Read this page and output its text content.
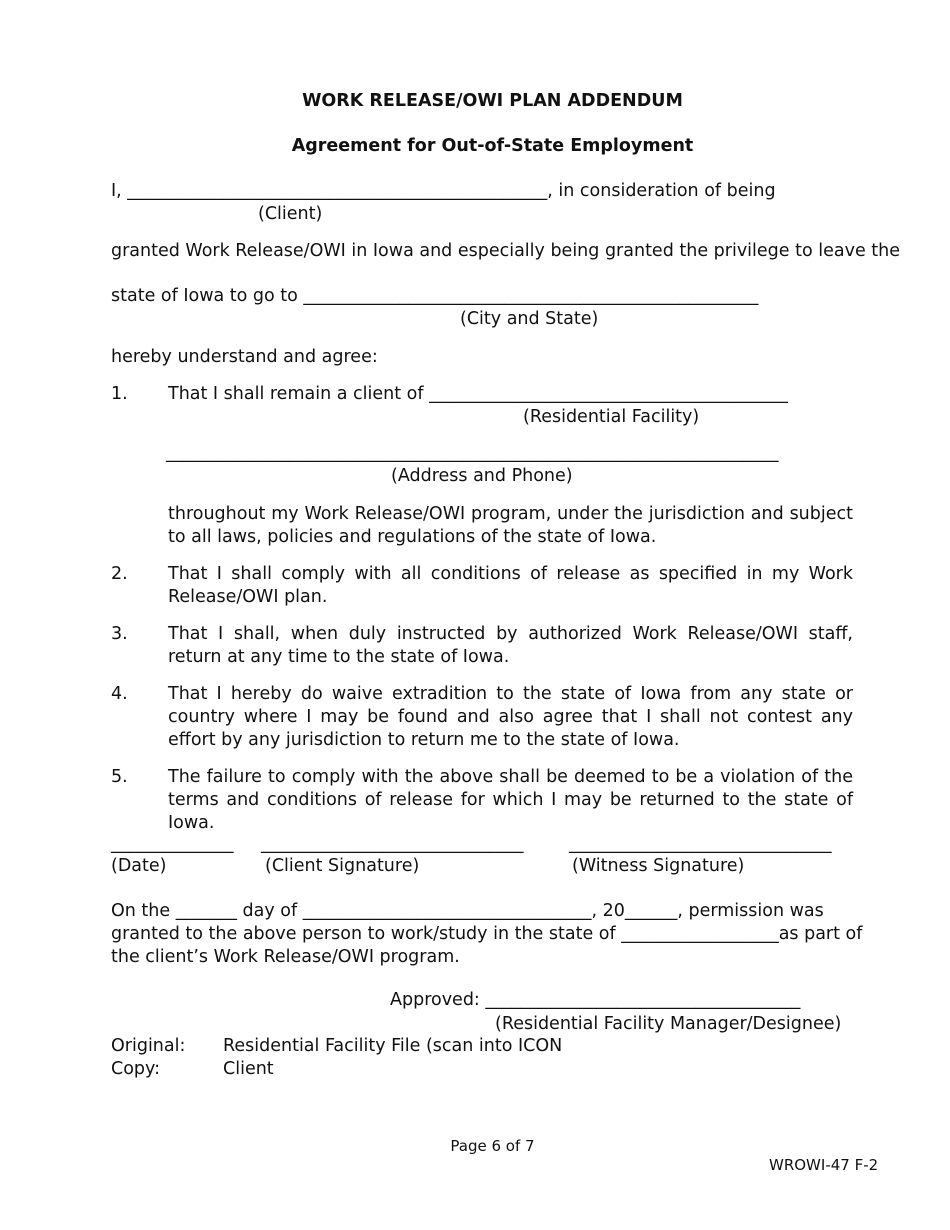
WORK RELEASE/OWI PLAN ADDENDUM
Agreement for Out-of-State Employment
I, ________________________________________________, in consideration of being
(Client)
granted Work Release/OWI in Iowa and especially being granted the privilege to leave the
state of Iowa to go to ____________________________________________________
(City and State)
hereby understand and agree:
1. That I shall remain a client of _________________________________________
(Residential Facility)
______________________________________________________________________
(Address and Phone)
throughout my Work Release/OWI program, under the jurisdiction and subject to all laws, policies and regulations of the state of Iowa.
2. That I shall comply with all conditions of release as specified in my Work Release/OWI plan.
3. That I shall, when duly instructed by authorized Work Release/OWI staff, return at any time to the state of Iowa.
4. That I hereby do waive extradition to the state of Iowa from any state or country where I may be found and also agree that I shall not contest any effort by any jurisdiction to return me to the state of Iowa.
5. The failure to comply with the above shall be deemed to be a violation of the terms and conditions of release for which I may be returned to the state of Iowa.
______________ ______________________________	______________________________
(Date)	(Client Signature)	(Witness Signature)
On the _______ day of _________________________________, 20______, permission was
granted to the above person to work/study in the state of __________________as part of
the client’s Work Release/OWI program.
Approved: ____________________________________
(Residential Facility Manager/Designee)
Original: Residential Facility File (scan into ICON
Copy:	Client
Page 6 of 7
WROWI-47 F-2
